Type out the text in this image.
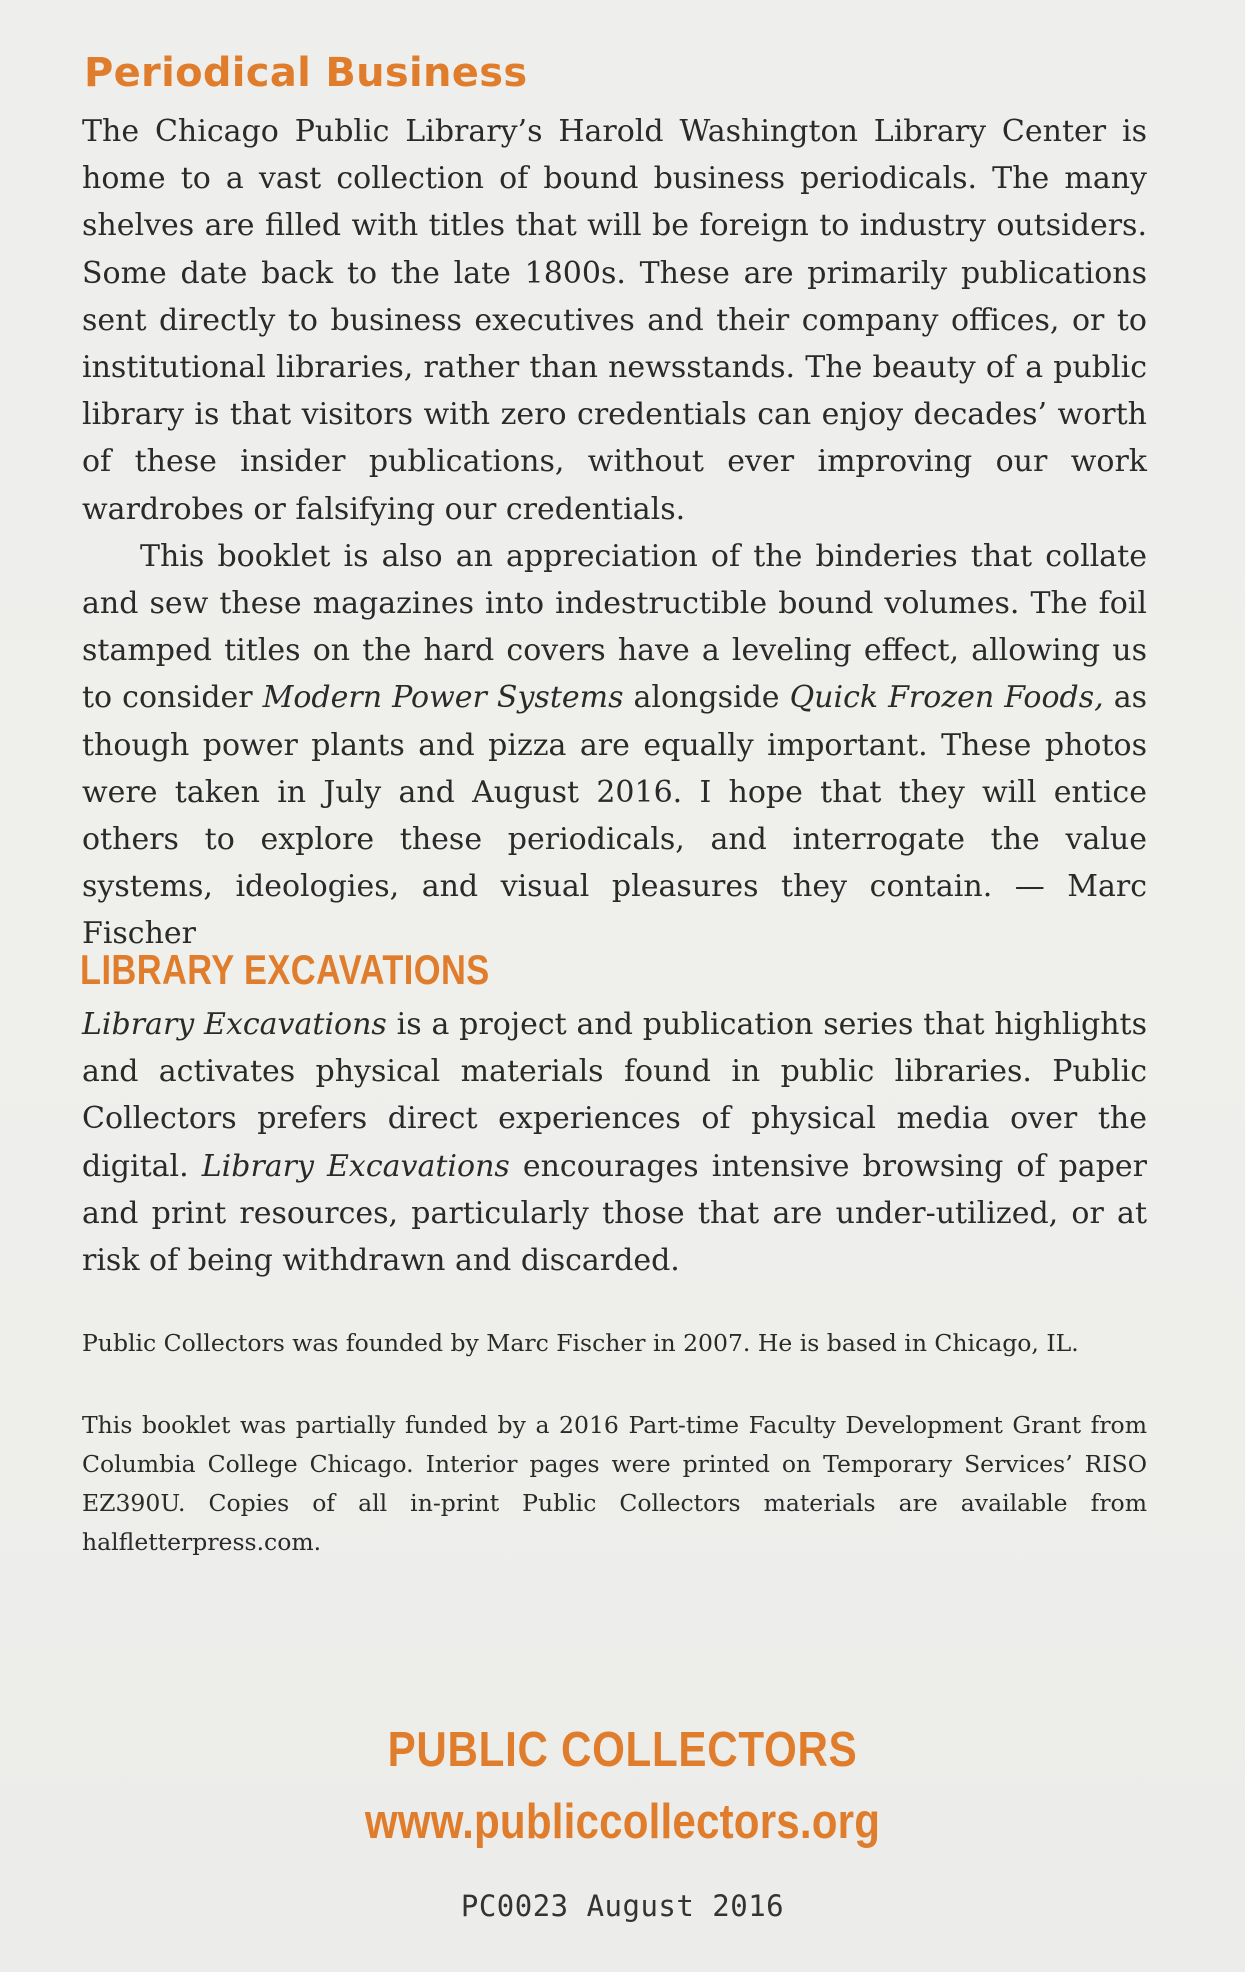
Periodical Business

The Chicago Public Library’s Harold Washington Library Center is home to a vast collection of bound business periodicals. The many shelves are filled with titles that will be foreign to industry outsiders. Some date back to the late 1800s. These are primarily publications sent directly to business executives and their company offices, or to institutional libraries, rather than newsstands. The beauty of a public library is that visitors with zero credentials can enjoy decades’ worth of these insider publications, without ever improving our work wardrobes or falsifying our credentials.

This booklet is also an appreciation of the binderies that collate and sew these magazines into indestructible bound volumes. The foil stamped titles on the hard covers have a leveling effect, allowing us to consider Modern Power Systems alongside Quick Frozen Foods, as though power plants and pizza are equally important. These photos were taken in July and August 2016. I hope that they will entice others to explore these periodicals, and interrogate the value systems, ideologies, and visual pleasures they contain. — Marc Fischer

LIBRARY EXCAVATIONS

Library Excavations is a project and publication series that highlights and activates physical materials found in public libraries. Public Collectors prefers direct experiences of physical media over the digital. Library Excavations encourages intensive browsing of paper and print resources, particularly those that are under-utilized, or at risk of being withdrawn and discarded.

Public Collectors was founded by Marc Fischer in 2007. He is based in Chicago, IL.

This booklet was partially funded by a 2016 Part-time Faculty Development Grant from Columbia College Chicago. Interior pages were printed on Temporary Services’ RISO EZ390U. Copies of all in-print Public Collectors materials are available from halfletterpress.com.

PUBLIC COLLECTORS

www.publiccollectors.org

PC0023 August 2016
